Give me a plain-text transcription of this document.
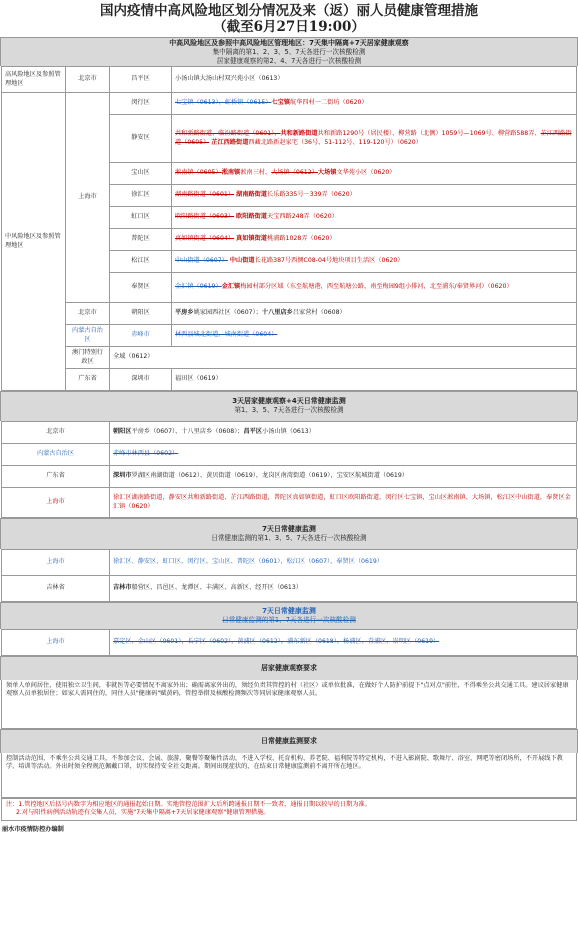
国内疫情中高风险地区划分情况及来（返）丽人员健康管理措施
（截至6月27日19:00）
中高风险地区及参照中高风险地区管理地区：7天集中隔离+7天居家健康观察
集中隔离的第1、2、3、5、7天各进行一次核酸检测
居家健康观察的第2、4、7天各进行一次核酸检测
高风险地区及参照管理地区	北京市	昌平区	小汤山镇大汤山村双兴苑小区（0613）
中风险地区及参照管理地区	上海市	闵行区	七宝镇（0613）、虹桥镇（0615）七宝镇航华四村一二街坊（0620）
		静安区	共和新路街道、临汾路街道（0601）、共和新路街道共和新路1290号（居民楼）、柳营路（北侧）1059号—1069号、柳营路588弄、芷江西路街道（0605） 芷江西路街道西藏北路新赵家宅（36号、51-112号、119-120号）（0620）
		宝山区	淞南镇（0605）淞南镇淞南三村、大场镇（0612）大场镇文华苑小区（0620）
		徐汇区	湖南路街道（0601） 湖南路街道长乐路335号－339弄（0620）
		虹口区	欧阳路街道（0603） 欧阳路街道天宝西路248弄（0620）
		普陀区	真如镇街道（0604） 真如镇街道桃浦路1028弄（0620）
		松江区	中山街道（0607） 中山街道长花路387号西侧C08-04号地块项目生活区（0620）
		奉贤区	金汇镇（0619）金汇镇梅园村部分区域（东至航塘港，西至航塘公路，南至梅园9组小排河，北至浦东/奉贤界河）（0620）

	北京市	朝阳区	平房乡姚家园西社区（0607）；十八里店乡吕家营村（0608）
	内蒙古自治区	赤峰市	林西县城北街道、城南街道（0604）
	澳门特别行政区	全域（0612）	
	广东省	深圳市	福田区（0619）
3天居家健康观察+4天日常健康监测
第1、3、5、7天各进行一次核酸检测
北京市	朝阳区平房乡（0607）、十八里店乡（0608）；昌平区小汤山镇（0613）
内蒙古自治区	赤峰市林西县（0602）
广东省	深圳市罗湖区南湖街道（0612）、黄贝街道（0619），龙岗区南湾街道（0619），宝安区航城街道（0619）
上海市	徐汇区湖南路街道，静安区共和新路街道、芷江西路街道，普陀区真如镇街道，虹口区欧阳路街道，闵行区七宝镇，宝山区淞南镇、大场镇，松江区中山街道，奉贤区金汇镇（0620）
7天日常健康监测
日常健康监测的第1、3、5、7天各进行一次核酸检测
上海市	徐汇区、静安区、虹口区、闵行区、宝山区、普陀区（0601），松江区（0607），奉贤区（0619）
吉林省	吉林市船营区、昌邑区、龙潭区、丰满区、高新区、经开区（0613）
7天日常健康监测
日常健康监测的第1、7天各进行一次核酸检测
上海市	嘉定区、金山区（0601），长宁区（0602），黄浦区（0612），浦东新区（0618），杨浦区、青浦区、崇明区（0619）
居家健康观察要求

须单人单间居住，使用独立卫生间，非就医等必要情况不离家外出；确需离家外出的，须经负责其管控的村（社区）或单位批准，在做好个人防护前提下"点对点"前往，不得乘坐公共交通工具。建议居家健康观察人员单独居住；如家人需同住的，同住人员"健康码"赋黄码，管控举措及核酸检测频次等同居家健康观察人员。

日常健康监测要求

控制活动范围，不乘坐公共交通工具，不参加会议、会展、旅游、聚餐等聚集性活动，不进入学校、托育机构、养老院、福利院等特定机构，不进入影剧院、歌舞厅、浴室、网吧等密闭场所，不开展线下教学、培训等活动。外出时须全程规范佩戴口罩，切实保持安全社交距离。期间出现症状的，在结束日常健康监测前不离开所在地区。

注：1.管控地区后括号内数字为相应地区的通报起始日期。实地管控范围扩大后所跨通报日期不一致者，通报日期以较早的日期为准。

2.对与阳性病例活动轨迹有交集人员，实施"7天集中隔离+7天居家健康观察"健康管理措施。

丽水市疫情防控办编制
